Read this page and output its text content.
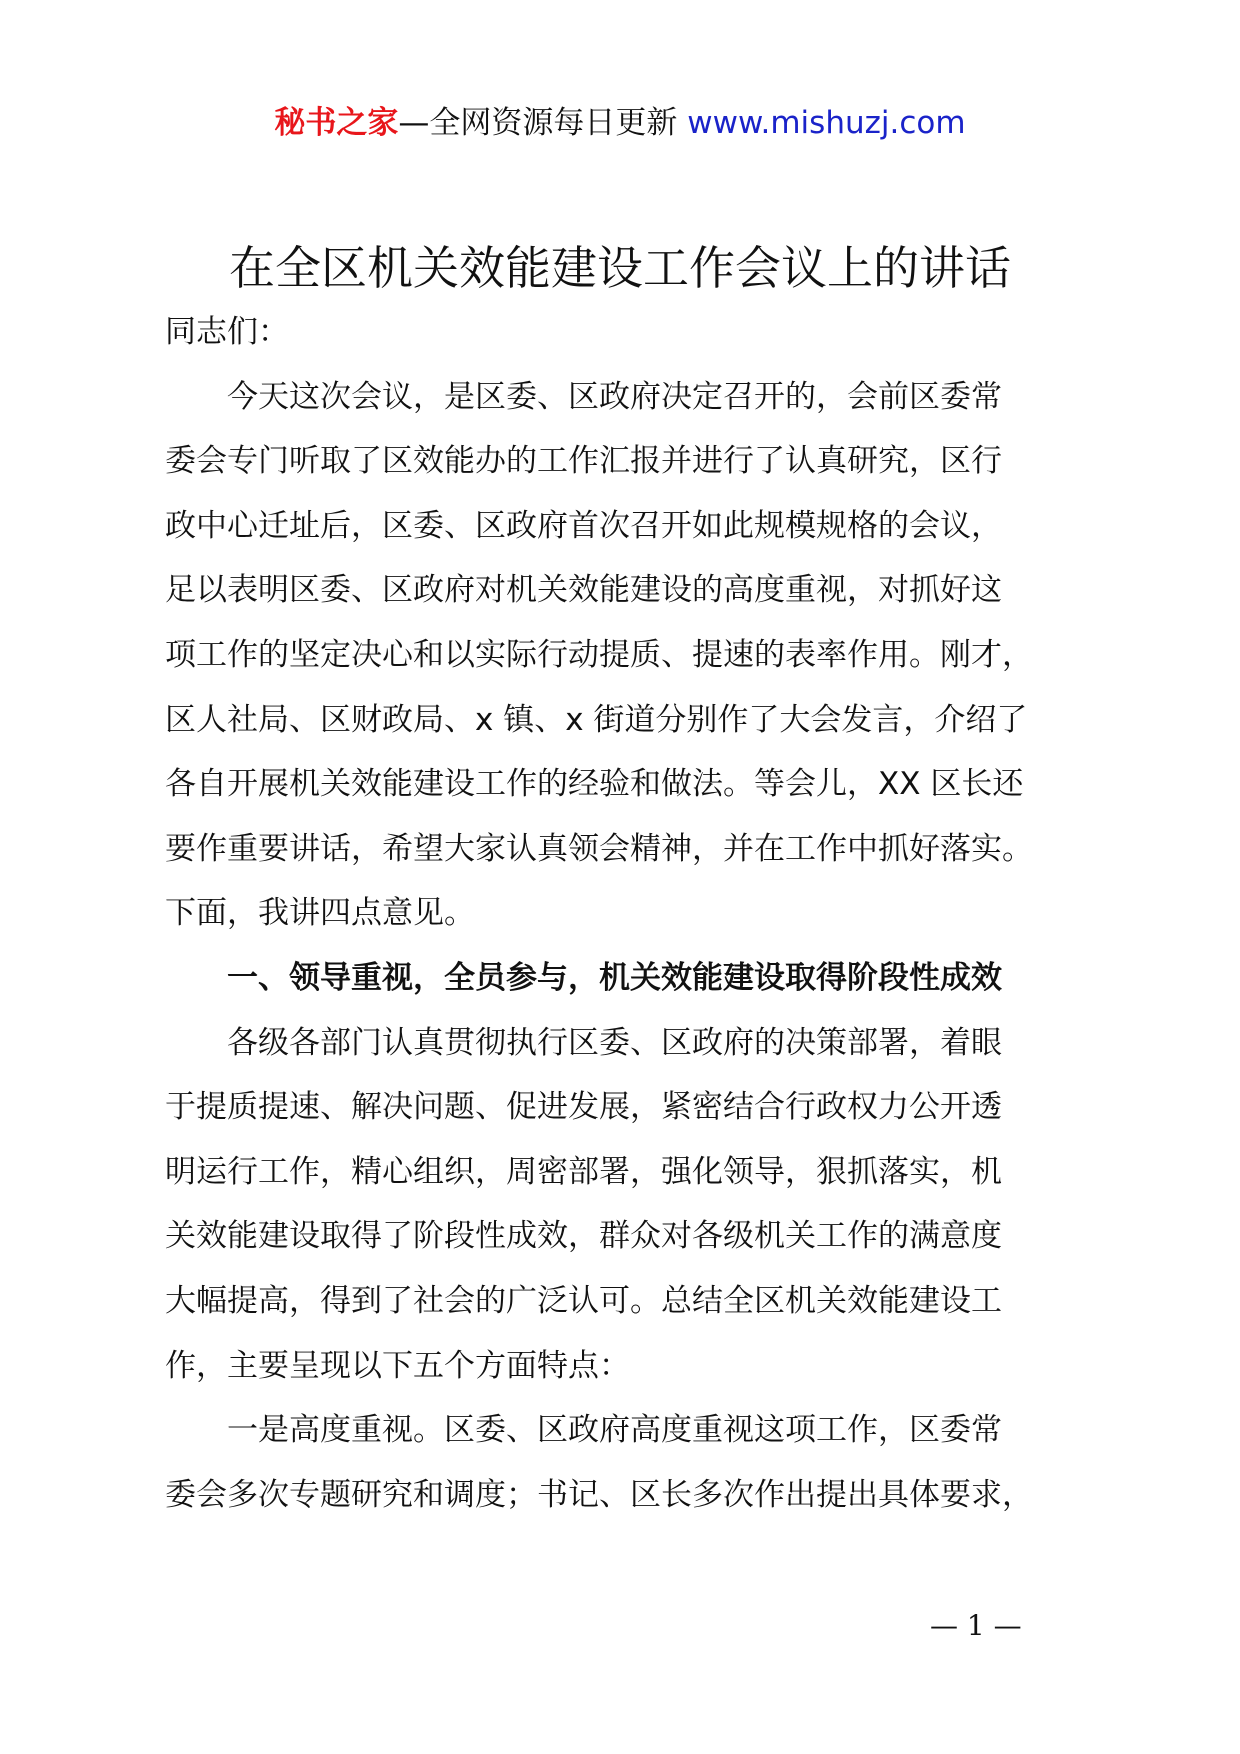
秘书之家—全网资源每日更新 www.mishuzj.com
在全区机关效能建设工作会议上的讲话
同志们：
　　今天这次会议，是区委、区政府决定召开的，会前区委常
委会专门听取了区效能办的工作汇报并进行了认真研究，区行
政中心迁址后，区委、区政府首次召开如此规模规格的会议，
足以表明区委、区政府对机关效能建设的高度重视，对抓好这
项工作的坚定决心和以实际行动提质、提速的表率作用。刚才，
区人社局、区财政局、x 镇、x 街道分别作了大会发言，介绍了
各自开展机关效能建设工作的经验和做法。等会儿，XX 区长还
要作重要讲话，希望大家认真领会精神，并在工作中抓好落实。
下面，我讲四点意见。
　　一、领导重视，全员参与，机关效能建设取得阶段性成效
　　各级各部门认真贯彻执行区委、区政府的决策部署，着眼
于提质提速、解决问题、促进发展，紧密结合行政权力公开透
明运行工作，精心组织，周密部署，强化领导，狠抓落实，机
关效能建设取得了阶段性成效，群众对各级机关工作的满意度
大幅提高，得到了社会的广泛认可。总结全区机关效能建设工
作，主要呈现以下五个方面特点：
　　一是高度重视。区委、区政府高度重视这项工作，区委常
委会多次专题研究和调度；书记、区长多次作出提出具体要求，
— 1 —
